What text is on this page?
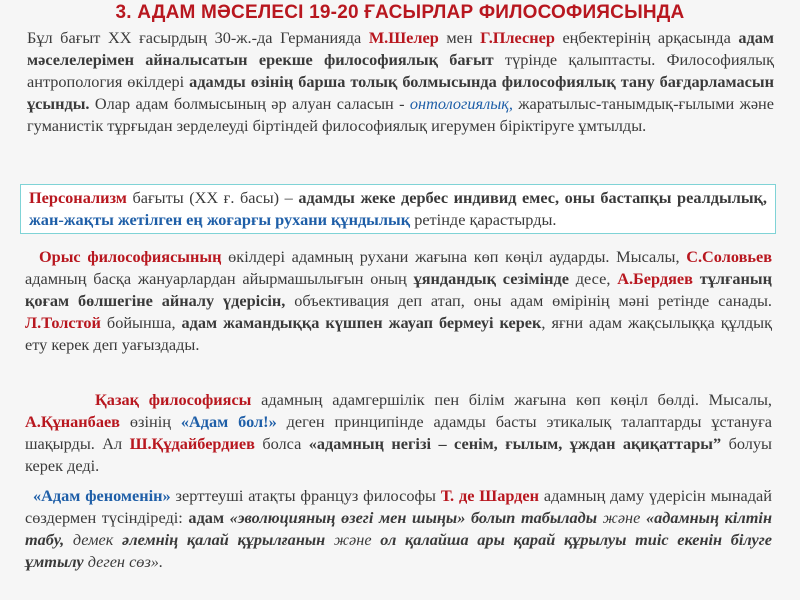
3. АДАМ МӘСЕЛЕСІ 19-20 ҒАСЫРЛАР ФИЛОСОФИЯСЫНДА

Бұл бағыт ХХ ғасырдың 30-ж.-да Германияда М.Шелер мен Г.Плеснер еңбектерінің арқасында адам мәселелерімен айналысатын ерекше философиялық бағыт түрінде қалыптасты. Философиялық антропология өкілдері адамды өзінің барша толық болмысында философиялық тану бағдарламасын ұсынды. Олар адам болмысының әр алуан саласын - онтологиялық, жаратылыс-танымдық-ғылыми және гуманистік тұрғыдан зерделеуді біртіндей философиялық игерумен біріктіруге ұмтылды.

Персонализм бағыты (ХХ ғ. басы) – адамды жеке дербес индивид емес, оны бастапқы реалдылық, жан-жақты жетілген ең жоғарғы рухани құндылық ретінде қарастырды.

Орыс философиясының өкілдері адамның рухани жағына көп көңіл аударды. Мысалы, С.Соловьев адамның басқа жануарлардан айырмашылығын оның ұяндандық сезімінде десе, А.Бердяев тұлғаның қоғам бөлшегіне айналу үдерісін, объективация деп атап, оны адам өмірінің мәні ретінде санады. Л.Толстой бойынша, адам жамандыққа күшпен жауап бермеуі керек, яғни адам жақсылыққа құлдық ету керек деп уағыздады.

Қазақ философиясы адамның адамгершілік пен білім жағына көп көңіл бөлді. Мысалы, А.Құнанбаев өзінің «Адам бол!» деген принципінде адамды басты этикалық талаптарды ұстануға шақырды. Ал Ш.Құдайбердиев болса «адамның негізі – сенім, ғылым, ұждан ақиқаттары” болуы керек деді.

«Адам феноменін» зерттеуші атақты француз философы Т. де Шарден адамның даму үдерісін мынадай сөздермен түсіндіреді: адам «эволюцияның өзегі мен шыңы» болып табылады және «адамның кілтін табу, демек әлемнің қалай құрылғанын және ол қалайша ары қарай құрылуы тиіс екенін білуге ұмтылу деген сөз».
